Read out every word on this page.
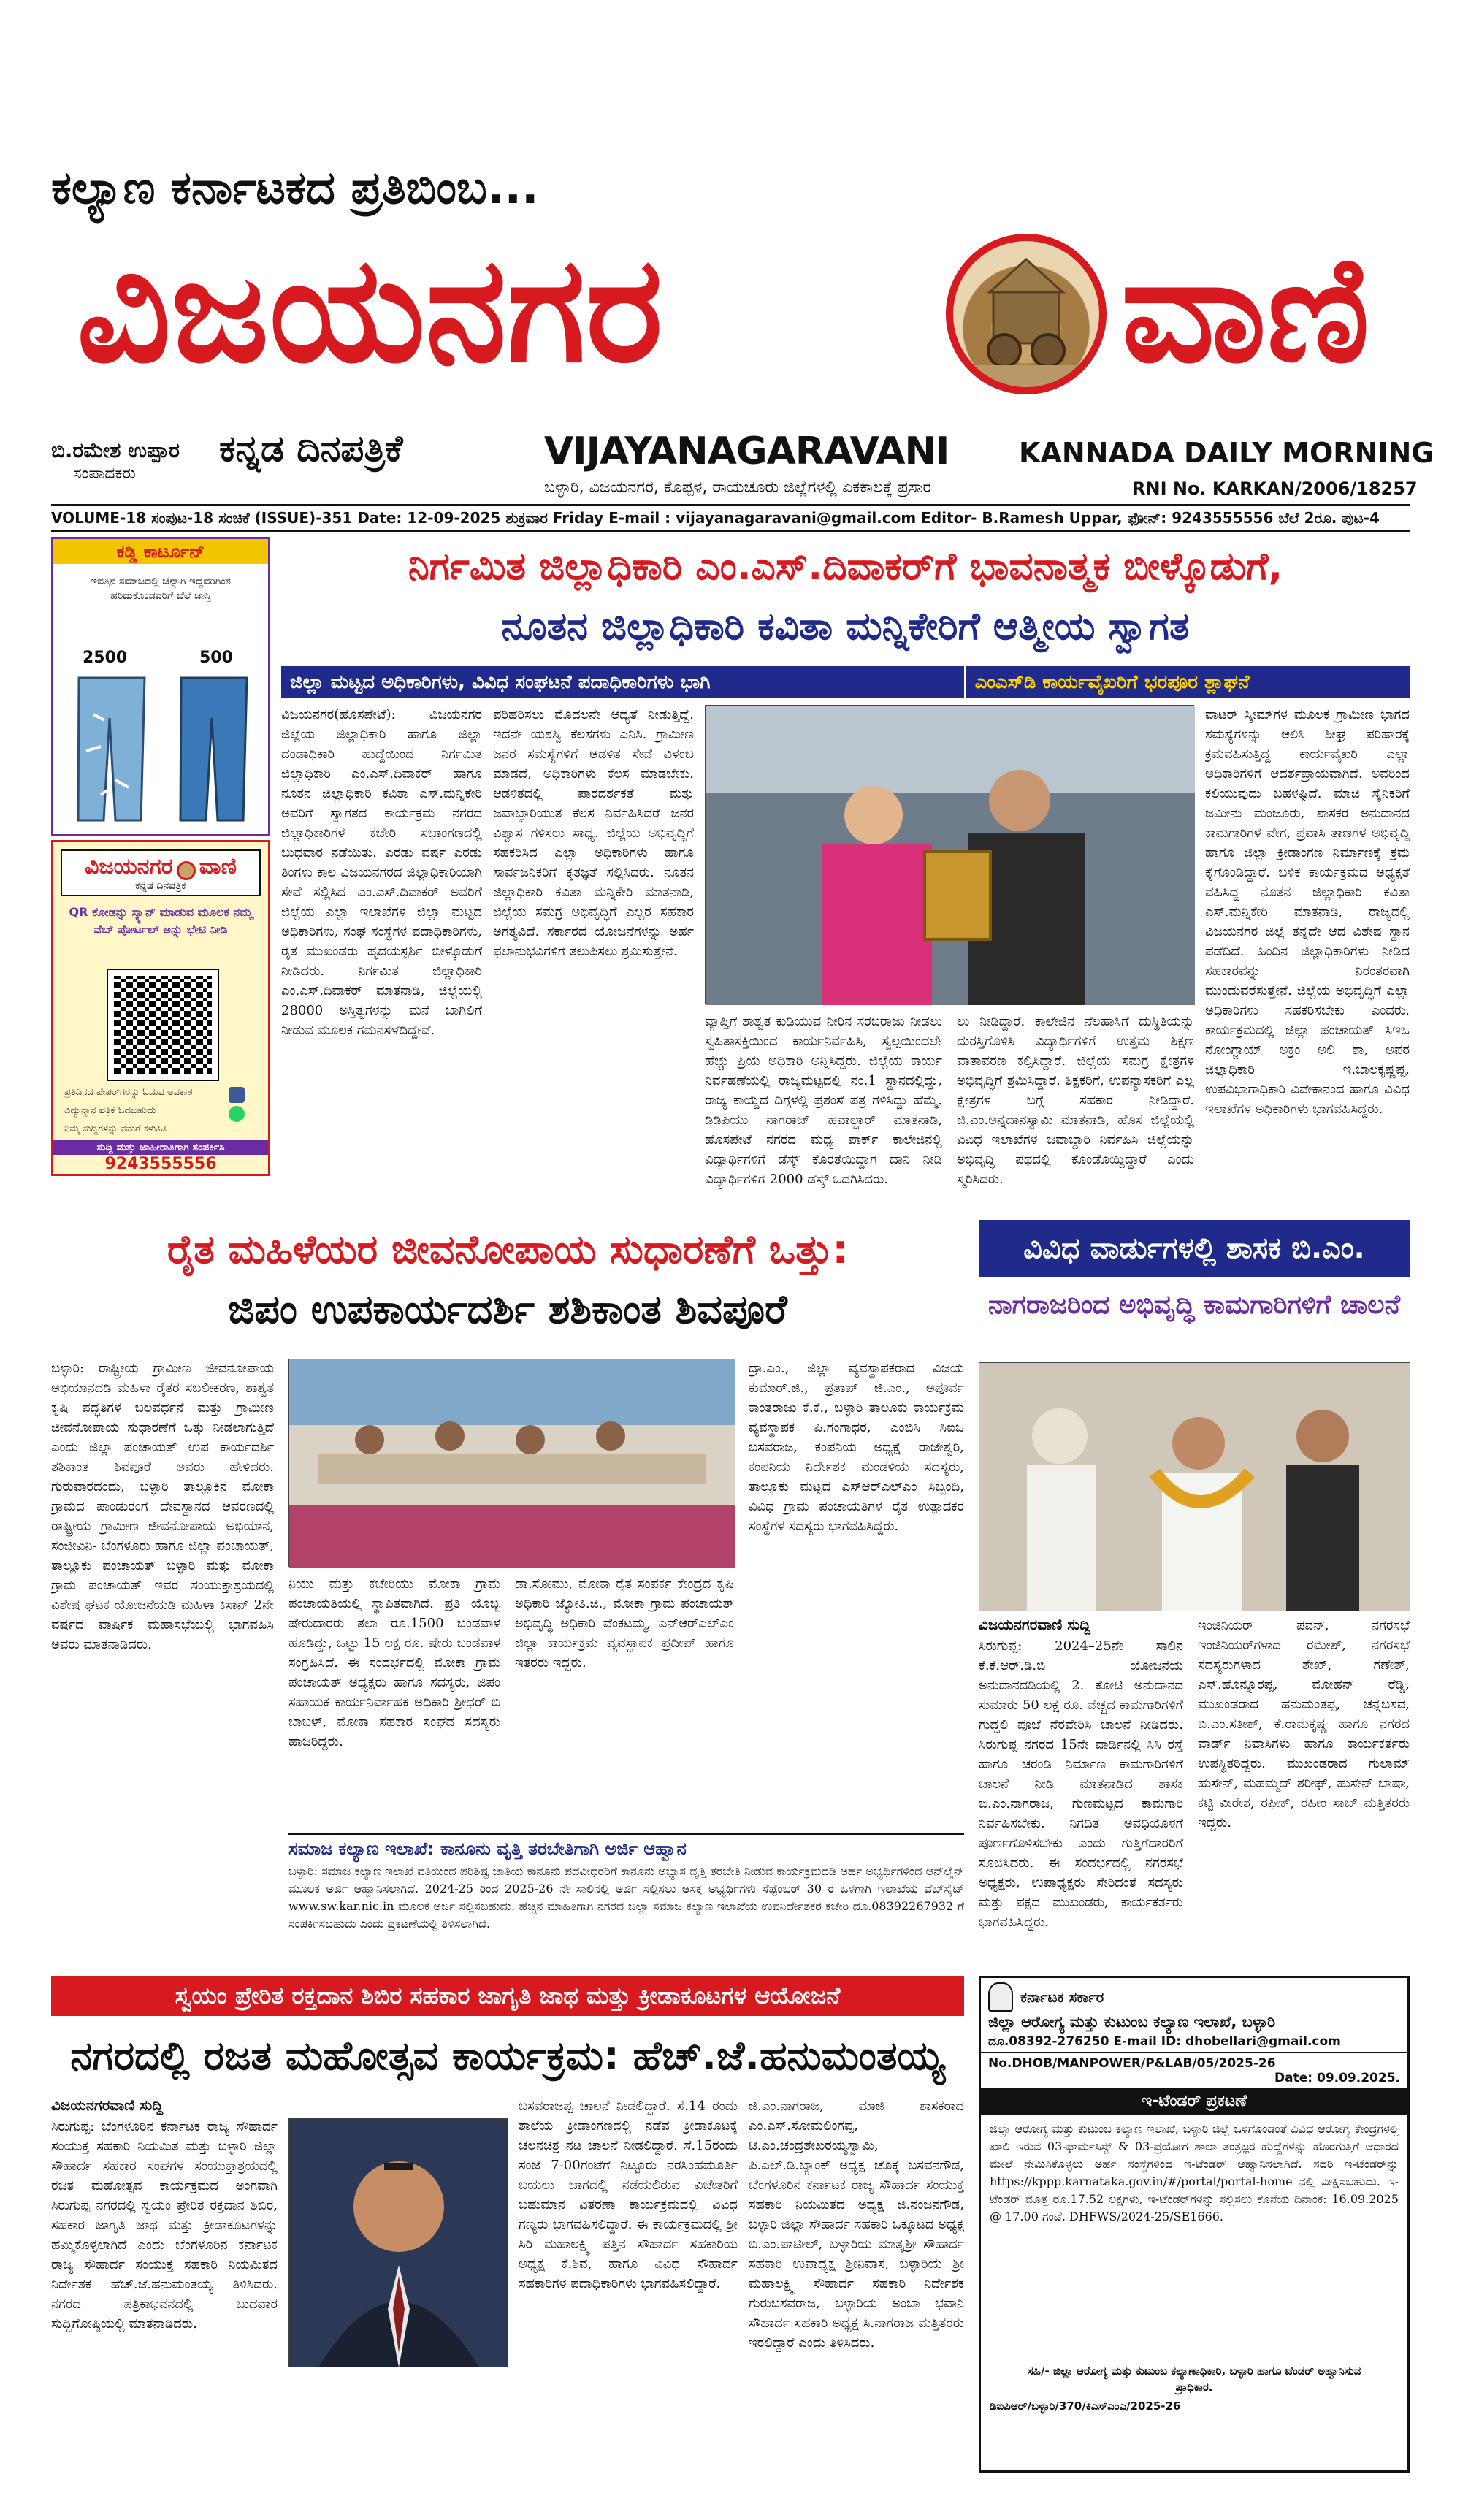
ಕಲ್ಯಾಣ ಕರ್ನಾಟಕದ ಪ್ರತಿಬಿಂಬ...
ವಿಜಯನಗರ	ವಾಣಿ
ಬಿ.ರಮೇಶ ಉಪ್ಪಾರ
ಸಂಪಾದಕರು
ಕನ್ನಡ ದಿನಪತ್ರಿಕೆ	VIJAYANAGARAVANI	KANNADA DAILY MORNING
ಬಳ್ಳಾರಿ, ವಿಜಯನಗರ, ಕೊಪ್ಪಳ, ರಾಯಚೂರು ಜಿಲ್ಲೆಗಳಲ್ಲಿ ಏಕಕಾಲಕ್ಕೆ ಪ್ರಸಾರ	RNI No. KARKAN/2006/18257
VOLUME-18 ಸಂಪುಟ-18 ಸಂಚಿಕೆ (ISSUE)-351 Date: 12-09-2025 ಶುಕ್ರವಾರ Friday E-mail : vijayanagaravani@gmail.com Editor- B.Ramesh Uppar, ಫೋನ್: 9243555556 ಬೆಲೆ 2ರೂ. ಪುಟ-4
ಕಡ್ಡಿ ಕಾರ್ಟೂನ್
ಇವತ್ತಿನ ಸಮಾಜದಲ್ಲಿ ಚೆನ್ನಾಗಿ ಇದ್ದವರಿಗಿಂತ ಹರಿದುಕೊಂಡವರಿಗೆ ಬೆಲೆ ಜಾಸ್ತಿ
2500	500
ವಿಜಯನಗರ ವಾಣಿ
ಕನ್ನಡ ದಿನಪತ್ರಿಕೆ
QR ಕೋಡನ್ನು ಸ್ಕ್ಯಾನ್ ಮಾಡುವ ಮೂಲಕ ನಮ್ಮ ವೆಬ್ ಪೋರ್ಟಲ್ ಅನ್ನು ಭೇಟಿ ನೀಡಿ
ಪ್ರತಿದಿನದ ಪೇಪರ್‌ಗಳನ್ನು ಓದುವ ಅವಕಾಶ
ವಿದ್ಯುನ್ಮಾನ ಪತ್ರಿಕೆ ಓದಬಹುದು
ನಿಮ್ಮ ಸುದ್ದಿಗಳನ್ನು ನಮಗೆ ಕಳುಹಿಸಿ
ಸುದ್ದಿ ಮತ್ತು ಜಾಹೀರಾತಿಗಾಗಿ ಸಂಪರ್ಕಿಸಿ
9243555556
ನಿರ್ಗಮಿತ ಜಿಲ್ಲಾಧಿಕಾರಿ ಎಂ.ಎಸ್.ದಿವಾಕರ್‌ಗೆ ಭಾವನಾತ್ಮಕ ಬೀಳ್ಕೊಡುಗೆ,
ನೂತನ ಜಿಲ್ಲಾಧಿಕಾರಿ ಕವಿತಾ ಮನ್ನಿಕೇರಿಗೆ ಆತ್ಮೀಯ ಸ್ವಾಗತ
ಜಿಲ್ಲಾ ಮಟ್ಟದ ಅಧಿಕಾರಿಗಳು, ವಿವಿಧ ಸಂಘಟನೆ ಪದಾಧಿಕಾರಿಗಳು ಭಾಗಿ	ಎಂಎಸ್‌ಡಿ ಕಾರ್ಯವೈಖರಿಗೆ ಭರಪೂರ ಶ್ಲಾಘನೆ
ವಿಜಯನಗರ(ಹೊಸಪೇಟೆ): ವಿಜಯನಗರ ಜಿಲ್ಲೆಯ ಜಿಲ್ಲಾಧಿಕಾರಿ ಹಾಗೂ ಜಿಲ್ಲಾ ದಂಡಾಧಿಕಾರಿ ಹುದ್ದೆಯಿಂದ ನಿರ್ಗಮಿತ ಜಿಲ್ಲಾಧಿಕಾರಿ ಎಂ.ಎಸ್.ದಿವಾಕರ್ ಹಾಗೂ ನೂತನ ಜಿಲ್ಲಾಧಿಕಾರಿ ಕವಿತಾ ಎಸ್.ಮನ್ನಿಕೇರಿ ಅವರಿಗೆ ಸ್ವಾಗತದ ಕಾರ್ಯಕ್ರಮ ನಗರದ ಜಿಲ್ಲಾಧಿಕಾರಿಗಳ ಕಚೇರಿ ಸಭಾಂಗಣದಲ್ಲಿ ಬುಧವಾರ ನಡೆಯಿತು. ಎರಡು ವರ್ಷ ಎರಡು ತಿಂಗಳು ಕಾಲ ವಿಜಯನಗರದ ಜಿಲ್ಲಾಧಿಕಾರಿಯಾಗಿ ಸೇವೆ ಸಲ್ಲಿಸಿದ ಎಂ.ಎಸ್.ದಿವಾಕರ್ ಅವರಿಗೆ ಜಿಲ್ಲೆಯ ಎಲ್ಲಾ ಇಲಾಖೆಗಳ ಜಿಲ್ಲಾ ಮಟ್ಟದ ಅಧಿಕಾರಿಗಳು, ಸಂಘ ಸಂಸ್ಥೆಗಳ ಪದಾಧಿಕಾರಿಗಳು, ರೈತ ಮುಖಂಡರು ಹೃದಯಸ್ಪರ್ಶಿ ಬೀಳ್ಕೊಡುಗೆ ನೀಡಿದರು. ನಿರ್ಗಮಿತ ಜಿಲ್ಲಾಧಿಕಾರಿ ಎಂ.ಎಸ್.ದಿವಾಕರ್ ಮಾತನಾಡಿ, ಜಿಲ್ಲೆಯಲ್ಲಿ 28000 ಅಸ್ತಿತ್ವಗಳನ್ನು ಮನೆ ಬಾಗಿಲಿಗೆ ನೀಡುವ ಮೂಲಕ ಗಮನಸೆಳೆದಿದ್ದೇವೆ.
ಪರಿಹರಿಸಲು ಮೊದಲನೇ ಆದ್ಯತೆ ನೀಡುತ್ತಿದ್ದೆ. ಇದನೇ ಯಶಸ್ವಿ ಕೆಲಸಗಳು ಎನಿಸಿ. ಗ್ರಾಮೀಣ ಜನರ ಸಮಸ್ಯೆಗಳಿಗೆ ಆಡಳಿತ ಸೇವೆ ವಿಳಂಬ ಮಾಡದೆ, ಅಧಿಕಾರಿಗಳು ಕೆಲಸ ಮಾಡಬೇಕು. ಆಡಳಿತದಲ್ಲಿ ಪಾರದರ್ಶಕತೆ ಮತ್ತು ಜವಾಬ್ದಾರಿಯುತ ಕೆಲಸ ನಿರ್ವಹಿಸಿದರೆ ಜನರ ವಿಶ್ವಾಸ ಗಳಿಸಲು ಸಾಧ್ಯ. ಜಿಲ್ಲೆಯ ಅಭಿವೃದ್ಧಿಗೆ ಸಹಕರಿಸಿದ ಎಲ್ಲಾ ಅಧಿಕಾರಿಗಳು ಹಾಗೂ ಸಾರ್ವಜನಿಕರಿಗೆ ಕೃತಜ್ಞತೆ ಸಲ್ಲಿಸಿದರು. ನೂತನ ಜಿಲ್ಲಾಧಿಕಾರಿ ಕವಿತಾ ಮನ್ನಿಕೇರಿ ಮಾತನಾಡಿ, ಜಿಲ್ಲೆಯ ಸಮಗ್ರ ಅಭಿವೃದ್ಧಿಗೆ ಎಲ್ಲರ ಸಹಕಾರ ಅಗತ್ಯವಿದೆ. ಸರ್ಕಾರದ ಯೋಜನೆಗಳನ್ನು ಅರ್ಹ ಫಲಾನುಭವಿಗಳಿಗೆ ತಲುಪಿಸಲು ಶ್ರಮಿಸುತ್ತೇನೆ.
ವ್ಯಾಪ್ತಿಗೆ ಶಾಶ್ವತ ಕುಡಿಯುವ ನೀರಿನ ಸರಬರಾಜು ನೀಡಲು ಸ್ವಹಿತಾಸಕ್ತಿಯಿಂದ ಕಾರ್ಯನಿರ್ವಹಿಸಿ, ಸ್ವಲ್ಪಯಿಂದಲೇ ಹೆಚ್ಚು ಪ್ರಿಯ ಅಧಿಕಾರಿ ಅನ್ನಿಸಿದ್ದರು. ಜಿಲ್ಲೆಯ ಕಾರ್ಯ ನಿರ್ವಹಣೆಯಲ್ಲಿ ರಾಜ್ಯಮಟ್ಟದಲ್ಲಿ ನಂ.1 ಸ್ಥಾನದಲ್ಲಿದ್ದು, ರಾಜ್ಯ ಕಾಯ್ದೆದ ದಿಗ್ಗಳಲ್ಲಿ ಪ್ರಶಂಸೆ ಪತ್ರ ಗಳಿಸಿದ್ದು ಹೆಮ್ಮೆ. ಡಿಡಿಪಿಯು ನಾಗರಾಜ್ ಹವಾಲ್ದಾರ್ ಮಾತನಾಡಿ, ಹೊಸಪೇಟೆ ನಗರದ ಮಧ್ಯ ಪಾರ್ಕ್ ಕಾಲೇಜಿನಲ್ಲಿ ವಿದ್ಯಾರ್ಥಿಗಳಿಗೆ ಡೆಸ್ಕ್ ಕೊರತೆಯಿದ್ದಾಗ ದಾನಿ ನೀಡಿ ವಿದ್ಯಾರ್ಥಿಗಳಿಗೆ 2000 ಡೆಸ್ಕ್ ಒದಗಿಸಿದರು.
ಲು ನೀಡಿದ್ದಾರೆ. ಕಾಲೇಜಿನ ನೆಲಹಾಸಿಗೆ ದುಸ್ಥಿತಿಯನ್ನು ದುರಸ್ತಿಗೊಳಿಸಿ ವಿದ್ಯಾರ್ಥಿಗಳಿಗೆ ಉತ್ತಮ ಶಿಕ್ಷಣ ವಾತಾವರಣ ಕಲ್ಪಿಸಿದ್ದಾರೆ. ಜಿಲ್ಲೆಯ ಸಮಗ್ರ ಕ್ಷೇತ್ರಗಳ ಅಭಿವೃದ್ಧಿಗೆ ಶ್ರಮಿಸಿದ್ದಾರೆ. ಶಿಕ್ಷಕರಿಗೆ, ಉಪನ್ಯಾಸಕರಿಗೆ ಎಲ್ಲ ಕ್ಷೇತ್ರಗಳ ಬಗ್ಗೆ ಸಹಕಾರ ನೀಡಿದ್ದಾರೆ. ಜಿ.ಎಂ.ಅನ್ನದಾನಸ್ವಾಮಿ ಮಾತನಾಡಿ, ಹೊಸ ಜಿಲ್ಲೆಯಲ್ಲಿ ವಿವಿಧ ಇಲಾಖೆಗಳ ಜವಾಬ್ದಾರಿ ನಿರ್ವಹಿಸಿ ಜಿಲ್ಲೆಯನ್ನು ಅಭಿವೃದ್ಧಿ ಪಥದಲ್ಲಿ ಕೊಂಡೊಯ್ದಿದ್ದಾರೆ ಎಂದು ಸ್ಮರಿಸಿದರು.
ವಾಟರ್ ಸ್ಕೀಮ್‌ಗಳ ಮೂಲಕ ಗ್ರಾಮೀಣ ಭಾಗದ ಸಮಸ್ಯೆಗಳನ್ನು ಆಲಿಸಿ ಶೀಘ್ರ ಪರಿಹಾರಕ್ಕೆ ಕ್ರಮವಹಿಸುತ್ತಿದ್ದ ಕಾರ್ಯವೈಖರಿ ಎಲ್ಲಾ ಅಧಿಕಾರಿಗಳಿಗೆ ಆದರ್ಶಪ್ರಾಯವಾಗಿದೆ. ಅವರಿಂದ ಕಲಿಯುವುದು ಬಹಳಷ್ಟಿದೆ. ಮಾಜಿ ಸೈನಿಕರಿಗೆ ಜಮೀನು ಮಂಜೂರು, ಶಾಸಕರ ಅನುದಾನದ ಕಾಮಗಾರಿಗಳ ವೇಗ, ಪ್ರವಾಸಿ ತಾಣಗಳ ಅಭಿವೃದ್ಧಿ ಹಾಗೂ ಜಿಲ್ಲಾ ಕ್ರೀಡಾಂಗಣ ನಿರ್ಮಾಣಕ್ಕೆ ಕ್ರಮ ಕೈಗೊಂಡಿದ್ದಾರೆ. ಬಳಿಕ ಕಾರ್ಯಕ್ರಮದ ಅಧ್ಯಕ್ಷತೆ ವಹಿಸಿದ್ದ ನೂತನ ಜಿಲ್ಲಾಧಿಕಾರಿ ಕವಿತಾ ಎಸ್.ಮನ್ನಿಕೇರಿ ಮಾತನಾಡಿ, ರಾಜ್ಯದಲ್ಲಿ ವಿಜಯನಗರ ಜಿಲ್ಲೆ ತನ್ನದೇ ಆದ ವಿಶೇಷ ಸ್ಥಾನ ಪಡೆದಿದೆ. ಹಿಂದಿನ ಜಿಲ್ಲಾಧಿಕಾರಿಗಳು ನೀಡಿದ ಸಹಕಾರವನ್ನು ನಿರಂತರವಾಗಿ ಮುಂದುವರೆಸುತ್ತೇನೆ. ಜಿಲ್ಲೆಯ ಅಭಿವೃದ್ಧಿಗೆ ಎಲ್ಲಾ ಅಧಿಕಾರಿಗಳು ಸಹಕರಿಸಬೇಕು ಎಂದರು. ಕಾರ್ಯಕ್ರಮದಲ್ಲಿ ಜಿಲ್ಲಾ ಪಂಚಾಯತ್ ಸಿಇಒ ನೋಂಗ್ಜಾಯ್ ಅಕ್ರಂ ಅಲಿ ಶಾ, ಅಪರ ಜಿಲ್ಲಾಧಿಕಾರಿ ಇ.ಬಾಲಕೃಷ್ಣಪ್ಪ, ಉಪವಿಭಾಗಾಧಿಕಾರಿ ವಿವೇಕಾನಂದ ಹಾಗೂ ವಿವಿಧ ಇಲಾಖೆಗಳ ಅಧಿಕಾರಿಗಳು ಭಾಗವಹಿಸಿದ್ದರು.
ರೈತ ಮಹಿಳೆಯರ ಜೀವನೋಪಾಯ ಸುಧಾರಣೆಗೆ ಒತ್ತು:
ಜಿಪಂ ಉಪಕಾರ್ಯದರ್ಶಿ ಶಶಿಕಾಂತ ಶಿವಪೂರೆ
ಬಳ್ಳಾರಿ: ರಾಷ್ಟ್ರೀಯ ಗ್ರಾಮೀಣ ಜೀವನೋಪಾಯ ಅಭಿಯಾನದಡಿ ಮಹಿಳಾ ರೈತರ ಸಬಲೀಕರಣ, ಶಾಶ್ವತ ಕೃಷಿ ಪದ್ಧತಿಗಳ ಬಲವರ್ಧನೆ ಮತ್ತು ಗ್ರಾಮೀಣ ಜೀವನೋಪಾಯ ಸುಧಾರಣೆಗೆ ಒತ್ತು ನೀಡಲಾಗುತ್ತಿದೆ ಎಂದು ಜಿಲ್ಲಾ ಪಂಚಾಯತ್ ಉಪ ಕಾರ್ಯದರ್ಶಿ ಶಶಿಕಾಂತ ಶಿವಪೂರೆ ಅವರು ಹೇಳಿದರು. ಗುರುವಾರದಂದು, ಬಳ್ಳಾರಿ ತಾಲ್ಲೂಕಿನ ಮೋಕಾ ಗ್ರಾಮದ ಪಾಂಡುರಂಗ ದೇವಸ್ಥಾನದ ಆವರಣದಲ್ಲಿ ರಾಷ್ಟ್ರೀಯ ಗ್ರಾಮೀಣ ಜೀವನೋಪಾಯ ಅಭಿಯಾನ, ಸಂಜೀವಿನಿ- ಬೆಂಗಳೂರು ಹಾಗೂ ಜಿಲ್ಲಾ ಪಂಚಾಯತ್, ತಾಲ್ಲೂಕು ಪಂಚಾಯತ್ ಬಳ್ಳಾರಿ ಮತ್ತು ಮೋಕಾ ಗ್ರಾಮ ಪಂಚಾಯತ್ ಇವರ ಸಂಯುಕ್ತಾಶ್ರಯದಲ್ಲಿ ವಿಶೇಷ ಘಟಕ ಯೋಜನೆಯಡಿ ಮಹಿಳಾ ಕಿಸಾನ್ 2ನೇ ವರ್ಷದ ವಾರ್ಷಿಕ ಮಹಾಸಭೆಯಲ್ಲಿ ಭಾಗವಹಿಸಿ ಅವರು ಮಾತನಾಡಿದರು.
ನಿಯು ಮತ್ತು ಕಚೇರಿಯು ಮೋಕಾ ಗ್ರಾಮ ಪಂಚಾಯತಿಯಲ್ಲಿ ಸ್ಥಾಪಿತವಾಗಿದೆ. ಪ್ರತಿ ಯೊಬ್ಬ ಷೇರುದಾರರು ತಲಾ ರೂ.1500 ಬಂಡವಾಳ ಹೂಡಿದ್ದು, ಒಟ್ಟು 15 ಲಕ್ಷ ರೂ. ಷೇರು ಬಂಡವಾಳ ಸಂಗ್ರಹಿಸಿದೆ. ಈ ಸಂದರ್ಭದಲ್ಲಿ ಮೋಕಾ ಗ್ರಾಮ ಪಂಚಾಯತ್ ಅಧ್ಯಕ್ಷರು ಹಾಗೂ ಸದಸ್ಯರು, ಜಿಪಂ ಸಹಾಯಕ ಕಾರ್ಯನಿರ್ವಾಹಕ ಅಧಿಕಾರಿ ಶ್ರೀಧರ್ ಬಿ ಬಾಬಳ್, ಮೋಕಾ ಸಹಕಾರ ಸಂಘದ ಸದಸ್ಯರು ಹಾಜರಿದ್ದರು.
ಡಾ.ಸೋಮು, ಮೋಕಾ ರೈತ ಸಂಪರ್ಕ ಕೇಂದ್ರದ ಕೃಷಿ ಅಧಿಕಾರಿ ಜ್ಯೋತಿ.ಜಿ., ಮೋಕಾ ಗ್ರಾಮ ಪಂಚಾಯತ್ ಅಭಿವೃದ್ಧಿ ಅಧಿಕಾರಿ ವೆಂಕಟಮ್ಮ, ಎನ್‌ಆರ್‌ಎಲ್‌ಎಂ ಜಿಲ್ಲಾ ಕಾರ್ಯಕ್ರಮ ವ್ಯವಸ್ಥಾಪಕ ಪ್ರದೀಪ್ ಹಾಗೂ ಇತರರು ಇದ್ದರು.
ದ್ರಾ.ಎಂ., ಜಿಲ್ಲಾ ವ್ಯವಸ್ಥಾಪಕರಾದ ವಿಜಯ ಕುಮಾರ್.ಜಿ., ಪ್ರತಾಪ್ ಜಿ.ಎಂ., ಅಪೂರ್ವ ಕಾಂತರಾಜು ಕೆ.ಕೆ., ಬಳ್ಳಾರಿ ತಾಲೂಕು ಕಾರ್ಯಕ್ರಮ ವ್ಯವಸ್ಥಾಪಕ ಪಿ.ಗಂಗಾಧರ, ಎಂಬಿಸಿ ಸಿಐಒ ಬಸವರಾಜ, ಕಂಪನಿಯ ಅಧ್ಯಕ್ಷೆ ರಾಜೇಶ್ವರಿ, ಕಂಪನಿಯ ನಿರ್ದೇಶಕ ಮಂಡಳಿಯ ಸದಸ್ಯರು, ತಾಲ್ಲೂಕು ಮಟ್ಟದ ಎಸ್‌ಆರ್‌ಎಲ್‌ಎಂ ಸಿಬ್ಬಂದಿ, ವಿವಿಧ ಗ್ರಾಮ ಪಂಚಾಯತಿಗಳ ರೈತ ಉತ್ಪಾದಕರ ಸಂಸ್ಥೆಗಳ ಸದಸ್ಯರು ಭಾಗವಹಿಸಿದ್ದರು.
ಸಮಾಜ ಕಲ್ಯಾಣ ಇಲಾಖೆ: ಕಾನೂನು ವೃತ್ತಿ ತರಬೇತಿಗಾಗಿ ಅರ್ಜಿ ಆಹ್ವಾನ
ಬಳ್ಳಾರಿ: ಸಮಾಜ ಕಲ್ಯಾಣ ಇಲಾಖೆ ವತಿಯಿಂದ ಪರಿಶಿಷ್ಟ ಜಾತಿಯ ಕಾನೂನು ಪದವೀಧರರಿಗೆ ಕಾನೂನು ಅಭ್ಯಾಸ ವೃತ್ತಿ ತರಬೇತಿ ನೀಡುವ ಕಾರ್ಯಕ್ರಮದಡಿ ಅರ್ಹ ಅಭ್ಯರ್ಥಿಗಳಿಂದ ಆನ್‌ಲೈನ್ ಮೂಲಕ ಅರ್ಜಿ ಆಹ್ವಾನಿಸಲಾಗಿದೆ. 2024-25 ರಿಂದ 2025-26 ನೇ ಸಾಲಿನಲ್ಲಿ ಅರ್ಜಿ ಸಲ್ಲಿಸಲು ಆಸಕ್ತ ಅಭ್ಯರ್ಥಿಗಳು ಸೆಪ್ಟೆಂಬರ್ 30 ರ ಒಳಗಾಗಿ ಇಲಾಖೆಯ ವೆಬ್‌ಸೈಟ್ www.sw.kar.nic.in ಮೂಲಕ ಅರ್ಜಿ ಸಲ್ಲಿಸಬಹುದು. ಹೆಚ್ಚಿನ ಮಾಹಿತಿಗಾಗಿ ನಗರದ ಜಿಲ್ಲಾ ಸಮಾಜ ಕಲ್ಯಾಣ ಇಲಾಖೆಯ ಉಪನಿರ್ದೇಶಕರ ಕಚೇರಿ ದೂ.08392267932 ಗೆ ಸಂಪರ್ಕಿಸಬಹುದು ಎಂದು ಪ್ರಕಟಣೆಯಲ್ಲಿ ತಿಳಿಸಲಾಗಿದೆ.
ವಿವಿಧ ವಾರ್ಡುಗಳಲ್ಲಿ ಶಾಸಕ ಬಿ.ಎಂ.
ನಾಗರಾಜರಿಂದ ಅಭಿವೃದ್ಧಿ ಕಾಮಗಾರಿಗಳಿಗೆ ಚಾಲನೆ
ವಿಜಯನಗರವಾಣಿ ಸುದ್ದಿ
ಸಿರುಗುಪ್ಪ: 2024–25ನೇ ಸಾಲಿನ ಕೆ.ಕೆ.ಆರ್.ಡಿ.ಬಿ ಯೋಜನೆಯ ಅನುದಾನದಡಿಯಲ್ಲಿ 2. ಕೋಟಿ ಅನುದಾನದ ಸುಮಾರು 50 ಲಕ್ಷ ರೂ. ವೆಚ್ಚದ ಕಾಮಗಾರಿಗಳಿಗೆ ಗುದ್ದಲಿ ಪೂಜೆ ನೆರವೇರಿಸಿ ಚಾಲನೆ ನೀಡಿದರು. ಸಿರುಗುಪ್ಪ ನಗರದ 15ನೇ ವಾರ್ಡಿನಲ್ಲಿ ಸಿಸಿ ರಸ್ತೆ ಹಾಗೂ ಚರಂಡಿ ನಿರ್ಮಾಣ ಕಾಮಗಾರಿಗಳಿಗೆ ಚಾಲನೆ ನೀಡಿ ಮಾತನಾಡಿದ ಶಾಸಕ ಬಿ.ಎಂ.ನಾಗರಾಜ, ಗುಣಮಟ್ಟದ ಕಾಮಗಾರಿ ನಿರ್ವಹಿಸಬೇಕು. ನಿಗದಿತ ಅವಧಿಯೊಳಗೆ ಪೂರ್ಣಗೊಳಿಸಬೇಕು ಎಂದು ಗುತ್ತಿಗೆದಾರರಿಗೆ ಸೂಚಿಸಿದರು. ಈ ಸಂದರ್ಭದಲ್ಲಿ ನಗರಸಭೆ ಅಧ್ಯಕ್ಷರು, ಉಪಾಧ್ಯಕ್ಷರು ಸೇರಿದಂತೆ ಸದಸ್ಯರು ಮತ್ತು ಪಕ್ಷದ ಮುಖಂಡರು, ಕಾರ್ಯಕರ್ತರು ಭಾಗವಹಿಸಿದ್ದರು.
ಇಂಜಿನಿಯರ್ ಪವನ್, ನಗರಸಭೆ ಇಂಜಿನಿಯರ್‌ಗಳಾದ ರಮೇಶ್, ನಗರಸಭೆ ಸದಸ್ಯರುಗಳಾದ ಶೇಖ್, ಗಣೇಶ್, ಎಸ್.ಹೊನ್ನೂರಪ್ಪ, ಮೋಹನ್ ರೆಡ್ಡಿ, ಮುಖಂಡರಾದ ಹನುಮಂತಪ್ಪ, ಚನ್ನಬಸವ, ಬಿ.ಎಂ.ಸತೀಶ್, ಕೆ.ರಾಮಕೃಷ್ಣ ಹಾಗೂ ನಗರದ ವಾರ್ಡ್ ನಿವಾಸಿಗಳು ಹಾಗೂ ಕಾರ್ಯಕರ್ತರು ಉಪಸ್ಥಿತರಿದ್ದರು. ಮುಖಂಡರಾದ ಗುಲಾಮ್ ಹುಸೇನ್, ಮಹಮ್ಮದ್ ಶರೀಫ್, ಹುಸೇನ್ ಬಾಷಾ, ಕಟ್ಟಿ ವೀರೇಶ, ರಫೀಕ್, ರಹೀಂ ಸಾಬ್ ಮತ್ತಿತರರು ಇದ್ದರು.
ಸ್ವಯಂ ಪ್ರೇರಿತ ರಕ್ತದಾನ ಶಿಬಿರ ಸಹಕಾರ ಜಾಗೃತಿ ಜಾಥ ಮತ್ತು ಕ್ರೀಡಾಕೂಟಗಳ ಆಯೋಜನೆ
ನಗರದಲ್ಲಿ ರಜತ ಮಹೋತ್ಸವ ಕಾರ್ಯಕ್ರಮ: ಹೆಚ್.ಜೆ.ಹನುಮಂತಯ್ಯ
ವಿಜಯನಗರವಾಣಿ ಸುದ್ದಿ
ಸಿರುಗುಪ್ಪ: ಬೆಂಗಳೂರಿನ ಕರ್ನಾಟಕ ರಾಜ್ಯ ಸೌಹಾರ್ದ ಸಂಯುಕ್ತ ಸಹಕಾರಿ ನಿಯಮಿತ ಮತ್ತು ಬಳ್ಳಾರಿ ಜಿಲ್ಲಾ ಸೌಹಾರ್ದ ಸಹಕಾರ ಸಂಘಗಳ ಸಂಯುಕ್ತಾಶ್ರಯದಲ್ಲಿ ರಜತ ಮಹೋತ್ಸವ ಕಾರ್ಯಕ್ರಮದ ಅಂಗವಾಗಿ ಸಿರುಗುಪ್ಪ ನಗರದಲ್ಲಿ ಸ್ವಯಂ ಪ್ರೇರಿತ ರಕ್ತದಾನ ಶಿಬಿರ, ಸಹಕಾರ ಜಾಗೃತಿ ಜಾಥ ಮತ್ತು ಕ್ರೀಡಾಕೂಟಗಳನ್ನು ಹಮ್ಮಿಕೊಳ್ಳಲಾಗಿದೆ ಎಂದು ಬೆಂಗಳೂರಿನ ಕರ್ನಾಟಕ ರಾಜ್ಯ ಸೌಹಾರ್ದ ಸಂಯುಕ್ತ ಸಹಕಾರಿ ನಿಯಮಿತದ ನಿರ್ದೇಶಕ ಹೆಚ್.ಜೆ.ಹನುಮಂತಯ್ಯ ತಿಳಿಸಿದರು. ನಗರದ ಪತ್ರಿಕಾಭವನದಲ್ಲಿ ಬುಧವಾರ ಸುದ್ದಿಗೋಷ್ಠಿಯಲ್ಲಿ ಮಾತನಾಡಿದರು.
ಬಸವರಾಜಪ್ಪ ಚಾಲನೆ ನೀಡಲಿದ್ದಾರೆ. ಸೆ.14 ರಂದು ಶಾಲೆಯ ಕ್ರೀಡಾಂಗಣದಲ್ಲಿ ನಡೆವ ಕ್ರೀಡಾಕೂಟಕ್ಕೆ ಚಲನಚಿತ್ರ ನಟ ಚಾಲನೆ ನೀಡಲಿದ್ದಾರೆ. ಸೆ.15ರಂದು ಸಂಜೆ 7-00ಗಂಟೆಗೆ ನಿಟ್ಟೂರು ನರಸಿಂಹಮೂರ್ತಿ ಬಯಲು ಜಾಗದಲ್ಲಿ ನಡೆಯಲಿರುವ ವಿಜೇತರಿಗೆ ಬಹುಮಾನ ವಿತರಣಾ ಕಾರ್ಯಕ್ರಮದಲ್ಲಿ ವಿವಿಧ ಗಣ್ಯರು ಭಾಗವಹಿಸಲಿದ್ದಾರೆ. ಈ ಕಾರ್ಯಕ್ರಮದಲ್ಲಿ ಶ್ರೀ ಸಿರಿ ಮಹಾಲಕ್ಷ್ಮಿ ಪತ್ತಿನ ಸೌಹಾರ್ದ ಸಹಕಾರಿಯ ಅಧ್ಯಕ್ಷ ಕೆ.ಶಿವ, ಹಾಗೂ ವಿವಿಧ ಸೌಹಾರ್ದ ಸಹಕಾರಿಗಳ ಪದಾಧಿಕಾರಿಗಳು ಭಾಗವಹಿಸಲಿದ್ದಾರೆ.
ಜಿ.ಎಂ.ನಾಗರಾಜ, ಮಾಜಿ ಶಾಸಕರಾದ ಎಂ.ಎಸ್.ಸೋಮಲಿಂಗಪ್ಪ, ಟಿ.ಎಂ.ಚಂದ್ರಶೇಖರಯ್ಯಸ್ವಾಮಿ, ಪಿ.ಎಲ್.ಡಿ.ಬ್ಯಾಂಕ್ ಅಧ್ಯಕ್ಷ ಚೊಕ್ಕ ಬಸವನಗೌಡ, ಬೆಂಗಳೂರಿನ ಕರ್ನಾಟಕ ರಾಜ್ಯ ಸೌಹಾರ್ದ ಸಂಯುಕ್ತ ಸಹಕಾರಿ ನಿಯಮಿತದ ಅಧ್ಯಕ್ಷ ಜಿ.ನಂಜನಗೌಡ, ಬಳ್ಳಾರಿ ಜಿಲ್ಲಾ ಸೌಹಾರ್ದ ಸಹಕಾರಿ ಒಕ್ಕೂಟದ ಅಧ್ಯಕ್ಷ ಬಿ.ಎಂ.ಪಾಟೀಲ್, ಬಳ್ಳಾರಿಯ ಮಾತೃಶ್ರೀ ಸೌಹಾರ್ದ ಸಹಕಾರಿ ಉಪಾಧ್ಯಕ್ಷ ಶ್ರೀನಿವಾಸ, ಬಳ್ಳಾರಿಯ ಶ್ರೀ ಮಹಾಲಕ್ಷ್ಮಿ ಸೌಹಾರ್ದ ಸಹಕಾರಿ ನಿರ್ದೇಶಕ ಗುರುಬಸವರಾಜ, ಬಳ್ಳಾರಿಯ ಅಂಬಾ ಭವಾನಿ ಸೌಹಾರ್ದ ಸಹಕಾರಿ ಅಧ್ಯಕ್ಷ ಸಿ.ನಾಗರಾಜ ಮತ್ತಿತರರು ಇರಲಿದ್ದಾರೆ ಎಂದು ತಿಳಿಸಿದರು.
ಕರ್ನಾಟಕ ಸರ್ಕಾರ
ಜಿಲ್ಲಾ ಆರೋಗ್ಯ ಮತ್ತು ಕುಟುಂಬ ಕಲ್ಯಾಣ ಇಲಾಖೆ, ಬಳ್ಳಾರಿ
ದೂ.08392-276250 E-mail ID: dhobellari@gmail.com
No.DHOB/MANPOWER/P&LAB/05/2025-26
Date: 09.09.2025.
ಇ-ಟೆಂಡರ್ ಪ್ರಕಟಣೆ
ಜಿಲ್ಲಾ ಆರೋಗ್ಯ ಮತ್ತು ಕುಟುಂಬ ಕಲ್ಯಾಣ ಇಲಾಖೆ, ಬಳ್ಳಾರಿ ಜಿಲ್ಲೆ ಒಳಗೊಂಡಂತೆ ವಿವಿಧ ಆರೋಗ್ಯ ಕೇಂದ್ರಗಳಲ್ಲಿ ಖಾಲಿ ಇರುವ 03-ಫಾರ್ಮಸಿಸ್ಟ್ & 03-ಪ್ರಯೋಗ ಶಾಲಾ ತಂತ್ರಜ್ಞರ ಹುದ್ದೆಗಳನ್ನು ಹೊರಗುತ್ತಿಗೆ ಆಧಾರದ ಮೇಲೆ ನೇಮಿಸಿಕೊಳ್ಳಲು ಅರ್ಹ ಸಂಸ್ಥೆಗಳಿಂದ ಇ-ಟೆಂಡರ್ ಆಹ್ವಾನಿಸಲಾಗಿದೆ. ಸದರಿ ಇ-ಟೆಂಡರ್‌ನ್ನು https://kppp.karnataka.gov.in/#/portal/portal-home ನಲ್ಲಿ ವೀಕ್ಷಿಸಬಹುದು. ಇ-ಟೆಂಡರ್ ಮೊತ್ತ ರೂ.17.52 ಲಕ್ಷಗಳು, ಇ-ಟೆಂಡರ್‌ಗಳನ್ನು ಸಲ್ಲಿಸಲು ಕೊನೆಯ ದಿನಾಂಕ: 16.09.2025 @ 17.00 ಗಂಟೆ. DHFWS/2024-25/SE1666.
ಸಹಿ/- ಜಿಲ್ಲಾ ಆರೋಗ್ಯ ಮತ್ತು ಕುಟುಂಬ ಕಲ್ಯಾಣಾಧಿಕಾರಿ, ಬಳ್ಳಾರಿ ಹಾಗೂ ಟೆಂಡರ್ ಅಹ್ವಾನಿಸುವ ಪ್ರಾಧಿಕಾರ.
ಡಿಐಪಿಆರ್/ಬಳ್ಳಾರಿ/370/ಕಿಎಸ್‌ಎಂಎ/2025-26
